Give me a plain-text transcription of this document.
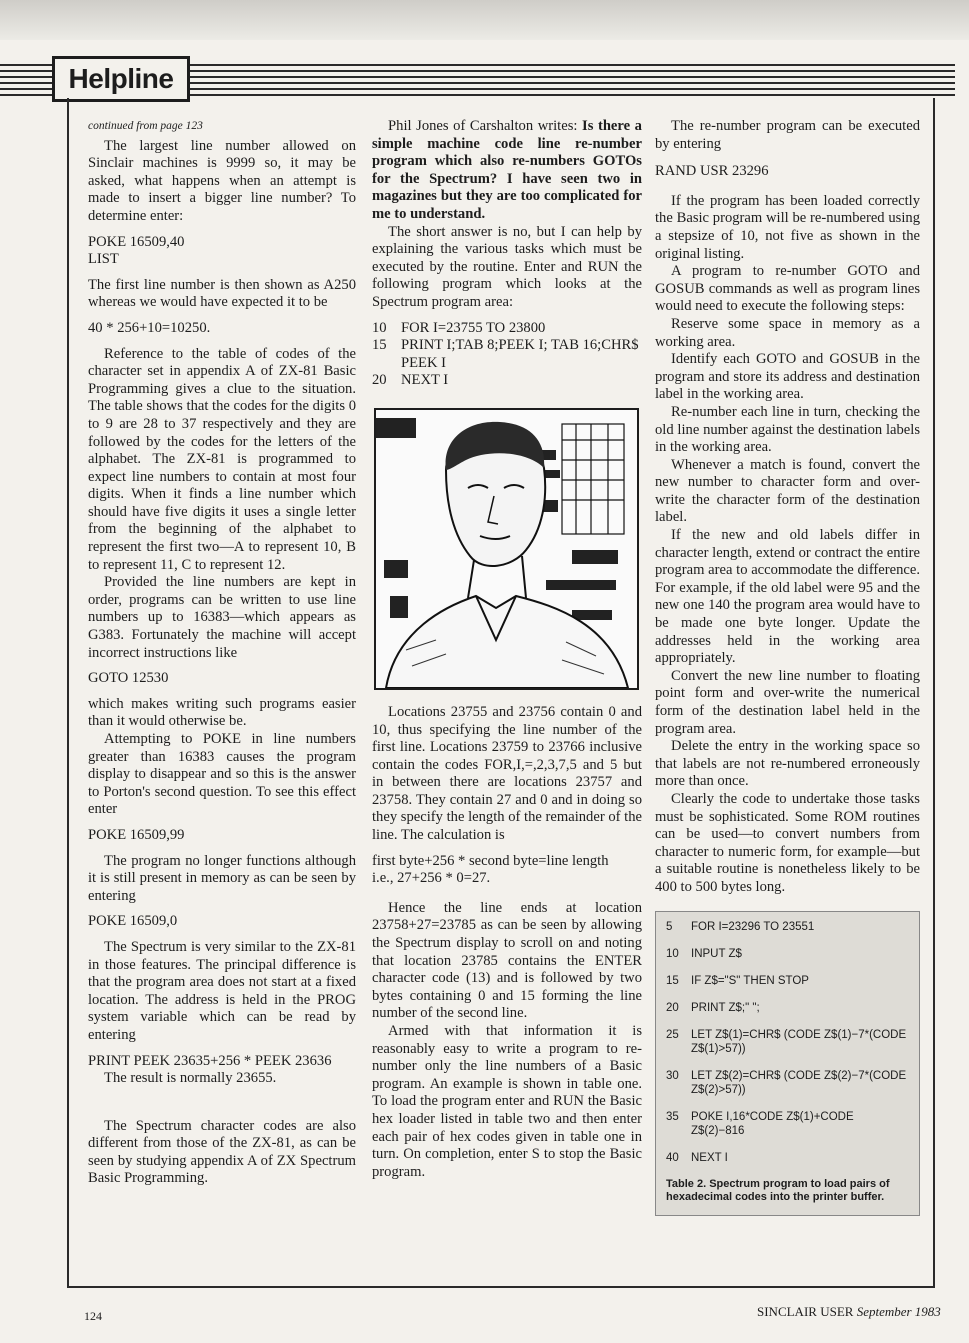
Helpline
continued from page 123

The largest line number allowed on Sinclair machines is 9999 so, it may be asked, what happens when an attempt is made to insert a bigger line number? To determine enter:

POKE 16509,40
LIST

The first line number is then shown as A250 whereas we would have expected it to be

40 * 256+10=10250.

Reference to the table of codes of the character set in appendix A of ZX-81 Basic Programming gives a clue to the situation. The table shows that the codes for the digits 0 to 9 are 28 to 37 respectively and they are followed by the codes for the letters of the alphabet. The ZX-81 is programmed to expect line numbers to contain at most four digits. When it finds a line number which should have five digits it uses a single letter from the beginning of the alphabet to represent the first two—A to represent 10, B to represent 11, C to represent 12.

Provided the line numbers are kept in order, programs can be written to use line numbers up to 16383—which appears as G383. Fortunately the machine will accept incorrect instructions like

GOTO 12530

which makes writing such programs easier than it would otherwise be.

Attempting to POKE in line numbers greater than 16383 causes the program display to disappear and so this is the answer to Porton's second question. To see this effect enter

POKE 16509,99

The program no longer functions although it is still present in memory as can be seen by entering

POKE 16509,0

The Spectrum is very similar to the ZX-81 in those features. The principal difference is that the program area does not start at a fixed location. The address is held in the PROG system variable which can be read by entering

PRINT PEEK 23635+256 * PEEK 23636

The result is normally 23655.

The Spectrum character codes are also different from those of the ZX-81, as can be seen by studying appendix A of ZX Spectrum Basic Programming.

Phil Jones of Carshalton writes: Is there a simple machine code line re-number program which also re-numbers GOTOs for the Spectrum? I have seen two in magazines but they are too complicated for me to understand.

The short answer is no, but I can help by explaining the various tasks which must be executed by the routine. Enter and RUN the following program which looks at the Spectrum program area:

10 FOR I=23755 TO 23800
15 PRINT I;TAB 8;PEEK I; TAB 16;CHR$ PEEK I
20 NEXT I

Locations 23755 and 23756 contain 0 and 10, thus specifying the line number of the first line. Locations 23759 to 23766 inclusive contain the codes FOR,I,=,2,3,7,5 and 5 but in between there are locations 23757 and 23758. They contain 27 and 0 and in doing so they specify the length of the remainder of the line. The calculation is

first byte+256 * second byte=line length
i.e., 27+256 * 0=27.

Hence the line ends at location 23758+27=23785 as can be seen by allowing the Spectrum display to scroll on and noting that location 23785 contains the ENTER character code (13) and is followed by two bytes containing 0 and 15 forming the line number of the second line.

Armed with that information it is reasonably easy to write a program to re-number only the line numbers of a Basic program. An example is shown in table one. To load the program enter and RUN the Basic hex loader listed in table two and then enter each pair of hex codes given in table one in turn. On completion, enter S to stop the Basic program.

The re-number program can be executed by entering

RAND USR 23296

If the program has been loaded correctly the Basic program will be re-numbered using a stepsize of 10, not five as shown in the original listing.

A program to re-number GOTO and GOSUB commands as well as program lines would need to execute the following steps:

Reserve some space in memory as a working area.

Identify each GOTO and GOSUB in the program and store its address and destination label in the working area.

Re-number each line in turn, checking the old line number against the destination labels in the working area.

Whenever a match is found, convert the new number to character form and over-write the character form of the destination label.

If the new and old labels differ in character length, extend or contract the entire program area to accommodate the difference. For example, if the old label were 95 and the new one 140 the program area would have to be made one byte longer. Update the addresses held in the working area appropriately.

Convert the new line number to floating point form and over-write the numerical form of the destination label held in the program area.

Delete the entry in the working space so that labels are not re-numbered erroneously more than once.

Clearly the code to undertake those tasks must be sophisticated. Some ROM routines can be used—to convert numbers from character to numeric form, for example—but a suitable routine is nonetheless likely to be 400 to 500 bytes long.

5	FOR I=23296 TO 23551
10	INPUT Z$
15	IF Z$="S" THEN STOP
20	PRINT Z$;" ";
25	LET Z$(1)=CHR$ (CODE Z$(1)−7*(CODE Z$(1)>57))
30	LET Z$(2)=CHR$ (CODE Z$(2)−7*(CODE Z$(2)>57))
35	POKE I,16*CODE Z$(1)+CODE Z$(2)−816
40	NEXT I
Table 2. Spectrum program to load pairs of hexadecimal codes into the printer buffer.
124	SINCLAIR USER September 1983
